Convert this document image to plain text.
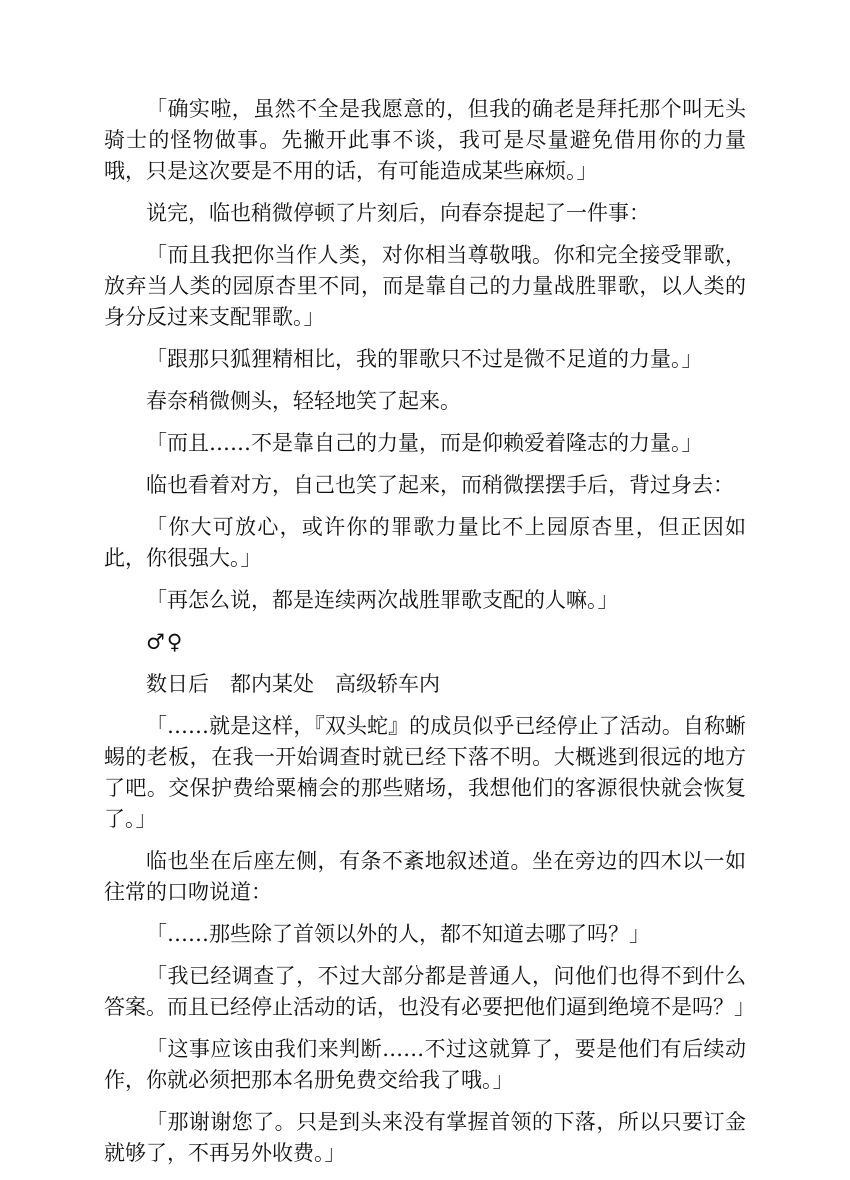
「确实啦，虽然不全是我愿意的，但我的确老是拜托那个叫无头骑士的怪物做事。先撇开此事不谈，我可是尽量避免借用你的力量哦，只是这次要是不用的话，有可能造成某些麻烦。」

说完，临也稍微停顿了片刻后，向春奈提起了一件事：

「而且我把你当作人类，对你相当尊敬哦。你和完全接受罪歌，放弃当人类的园原杏里不同，而是靠自己的力量战胜罪歌，以人类的身分反过来支配罪歌。」

「跟那只狐狸精相比，我的罪歌只不过是微不足道的力量。」

春奈稍微侧头，轻轻地笑了起来。

「而且……不是靠自己的力量，而是仰赖爱着隆志的力量。」

临也看着对方，自己也笑了起来，而稍微摆摆手后，背过身去：

「你大可放心，或许你的罪歌力量比不上园原杏里，但正因如此，你很强大。」

「再怎么说，都是连续两次战胜罪歌支配的人嘛。」

♂♀

数日后　都内某处　高级轿车内

「……就是这样，『双头蛇』的成员似乎已经停止了活动。自称蜥蜴的老板，在我一开始调查时就已经下落不明。大概逃到很远的地方了吧。交保护费给粟楠会的那些赌场，我想他们的客源很快就会恢复了。」

临也坐在后座左侧，有条不紊地叙述道。坐在旁边的四木以一如往常的口吻说道：

「……那些除了首领以外的人，都不知道去哪了吗？」

「我已经调查了，不过大部分都是普通人，问他们也得不到什么答案。而且已经停止活动的话，也没有必要把他们逼到绝境不是吗？」

「这事应该由我们来判断……不过这就算了，要是他们有后续动作，你就必须把那本名册免费交给我了哦。」

「那谢谢您了。只是到头来没有掌握首领的下落，所以只要订金就够了，不再另外收费。」
